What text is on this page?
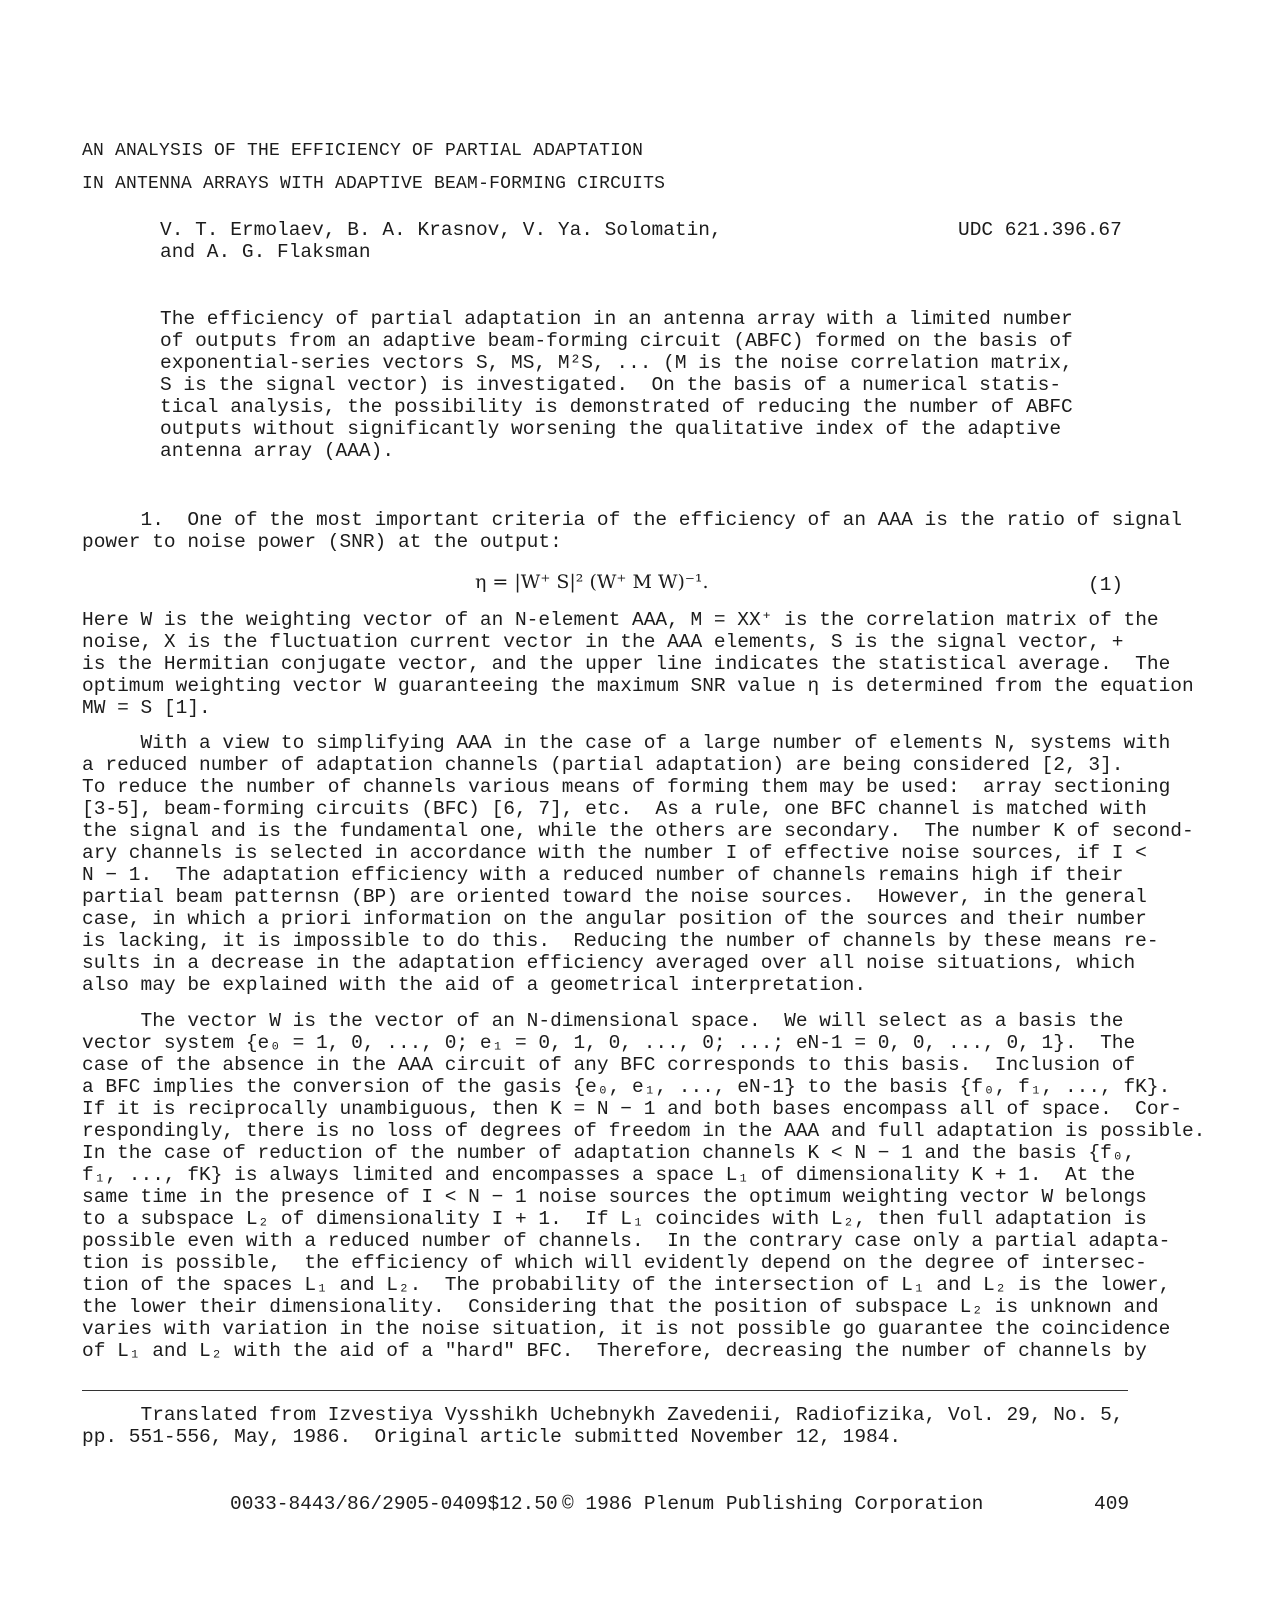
AN ANALYSIS OF THE EFFICIENCY OF PARTIAL ADAPTATION
IN ANTENNA ARRAYS WITH ADAPTIVE BEAM-FORMING CIRCUITS
V. T. Ermolaev, B. A. Krasnov, V. Ya. Solomatin,
and A. G. Flaksman
UDC 621.396.67
The efficiency of partial adaptation in an antenna array with a limited number
of outputs from an adaptive beam-forming circuit (ABFC) formed on the basis of
exponential-series vectors S, MS, M²S, ... (M is the noise correlation matrix,
S is the signal vector) is investigated.  On the basis of a numerical statis-
tical analysis, the possibility is demonstrated of reducing the number of ABFC
outputs without significantly worsening the qualitative index of the adaptive
antenna array (AAA).
1.  One of the most important criteria of the efficiency of an AAA is the ratio of signal
power to noise power (SNR) at the output:
η = |W⁺ S|² (W⁺ M W)⁻¹.	(1)
Here W is the weighting vector of an N-element AAA, M = XX⁺ is the correlation matrix of the
noise, X is the fluctuation current vector in the AAA elements, S is the signal vector, +
is the Hermitian conjugate vector, and the upper line indicates the statistical average.  The
optimum weighting vector W guaranteeing the maximum SNR value η is determined from the equation
MW = S [1].
With a view to simplifying AAA in the case of a large number of elements N, systems with
a reduced number of adaptation channels (partial adaptation) are being considered [2, 3].
To reduce the number of channels various means of forming them may be used:  array sectioning
[3-5], beam-forming circuits (BFC) [6, 7], etc.  As a rule, one BFC channel is matched with
the signal and is the fundamental one, while the others are secondary.  The number K of second-
ary channels is selected in accordance with the number I of effective noise sources, if I <
N − 1.  The adaptation efficiency with a reduced number of channels remains high if their
partial beam patternsn (BP) are oriented toward the noise sources.  However, in the general
case, in which a priori information on the angular position of the sources and their number
is lacking, it is impossible to do this.  Reducing the number of channels by these means re-
sults in a decrease in the adaptation efficiency averaged over all noise situations, which
also may be explained with the aid of a geometrical interpretation.
The vector W is the vector of an N-dimensional space.  We will select as a basis the
vector system {e₀ = 1, 0, ..., 0; e₁ = 0, 1, 0, ..., 0; ...; eN-1 = 0, 0, ..., 0, 1}.  The
case of the absence in the AAA circuit of any BFC corresponds to this basis.  Inclusion of
a BFC implies the conversion of the gasis {e₀, e₁, ..., eN-1} to the basis {f₀, f₁, ..., fK}.
If it is reciprocally unambiguous, then K = N − 1 and both bases encompass all of space.  Cor-
respondingly, there is no loss of degrees of freedom in the AAA and full adaptation is possible.
In the case of reduction of the number of adaptation channels K < N − 1 and the basis {f₀,
f₁, ..., fK} is always limited and encompasses a space L₁ of dimensionality K + 1.  At the
same time in the presence of I < N − 1 noise sources the optimum weighting vector W belongs
to a subspace L₂ of dimensionality I + 1.  If L₁ coincides with L₂, then full adaptation is
possible even with a reduced number of channels.  In the contrary case only a partial adapta-
tion is possible,  the efficiency of which will evidently depend on the degree of intersec-
tion of the spaces L₁ and L₂.  The probability of the intersection of L₁ and L₂ is the lower,
the lower their dimensionality.  Considering that the position of subspace L₂ is unknown and
varies with variation in the noise situation, it is not possible go guarantee the coincidence
of L₁ and L₂ with the aid of a "hard" BFC.  Therefore, decreasing the number of channels by
Translated from Izvestiya Vysshikh Uchebnykh Zavedenii, Radiofizika, Vol. 29, No. 5,
pp. 551-556, May, 1986.  Original article submitted November 12, 1984.
0033-8443/86/2905-0409$12.50 © 1986 Plenum Publishing Corporation	409
